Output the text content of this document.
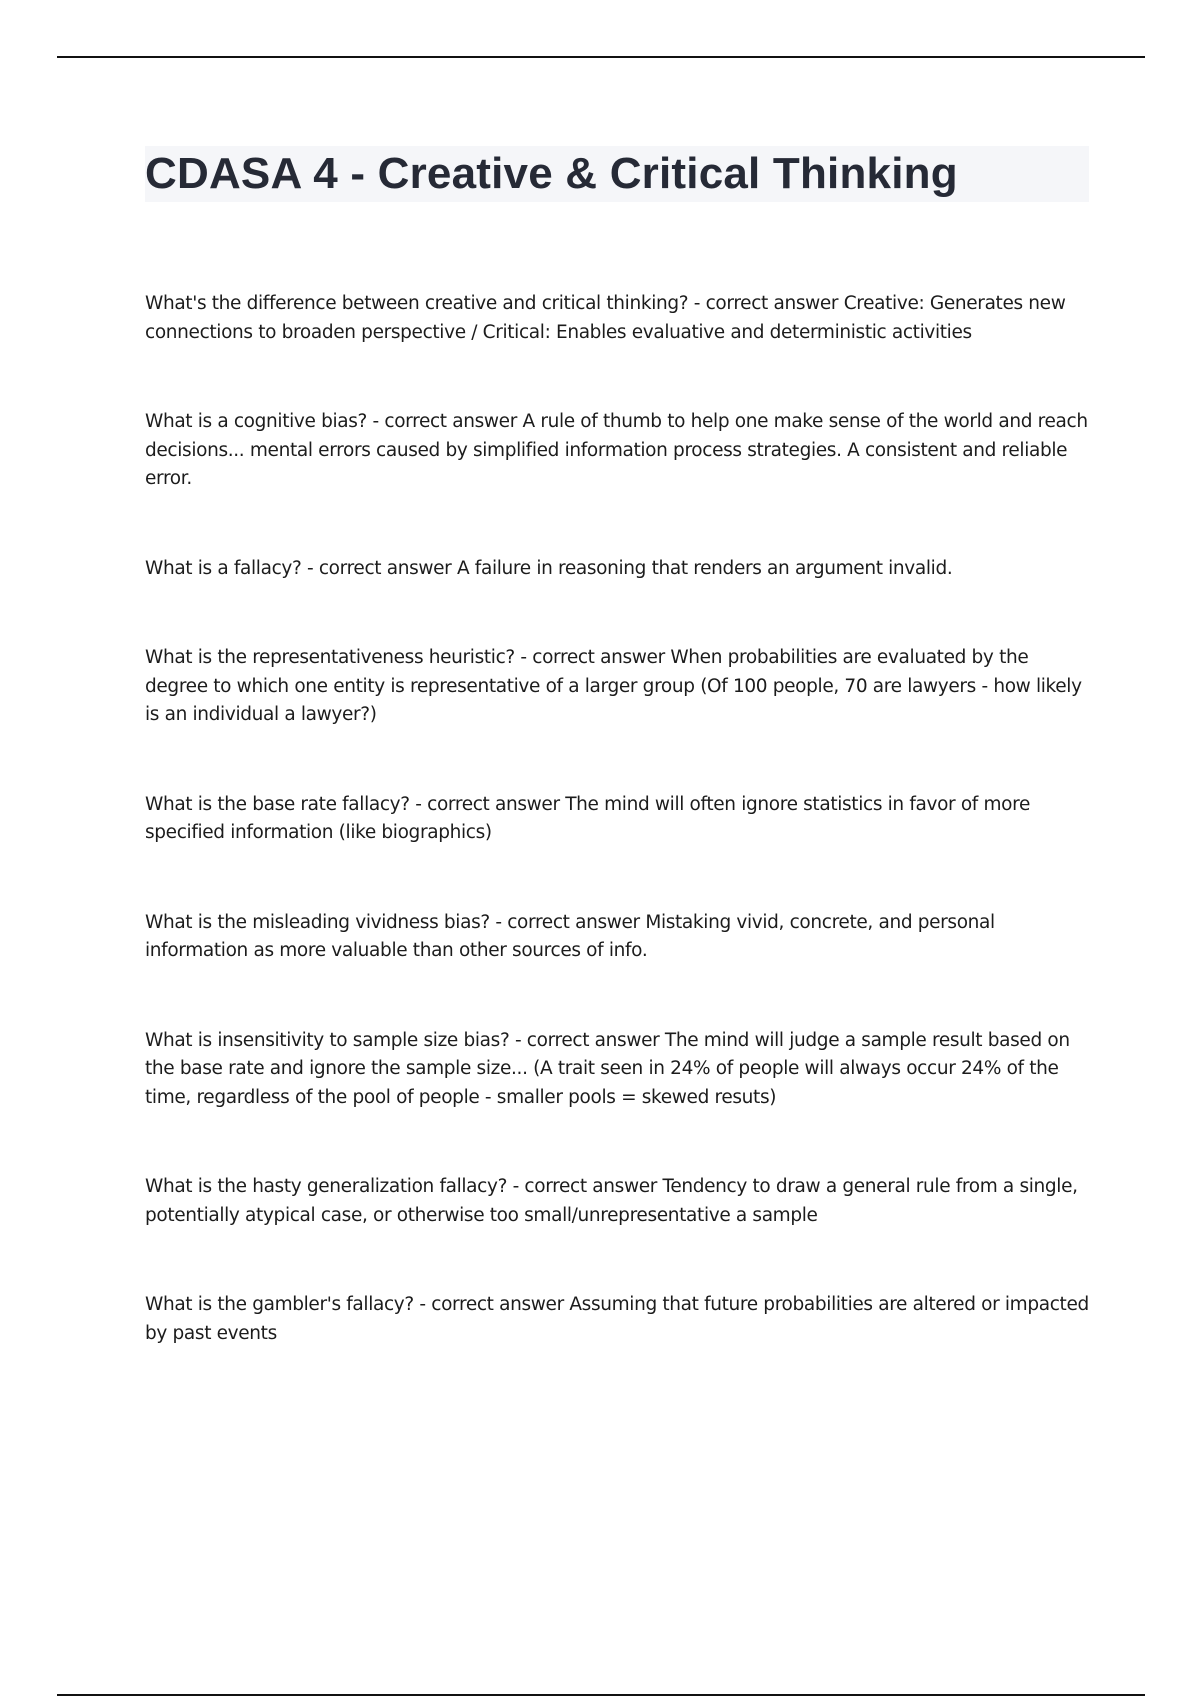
CDASA 4 - Creative & Critical Thinking
What's the difference between creative and critical thinking? - correct answer Creative: Generates new connections to broaden perspective / Critical: Enables evaluative and deterministic activities
What is a cognitive bias? - correct answer A rule of thumb to help one make sense of the world and reach decisions... mental errors caused by simplified information process strategies. A consistent and reliable error.
What is a fallacy? - correct answer A failure in reasoning that renders an argument invalid.
What is the representativeness heuristic? - correct answer When probabilities are evaluated by the degree to which one entity is representative of a larger group (Of 100 people, 70 are lawyers - how likely is an individual a lawyer?)
What is the base rate fallacy? - correct answer The mind will often ignore statistics in favor of more specified information (like biographics)
What is the misleading vividness bias? - correct answer Mistaking vivid, concrete, and personal information as more valuable than other sources of info.
What is insensitivity to sample size bias? - correct answer The mind will judge a sample result based on the base rate and ignore the sample size... (A trait seen in 24% of people will always occur 24% of the time, regardless of the pool of people - smaller pools = skewed resuts)
What is the hasty generalization fallacy? - correct answer Tendency to draw a general rule from a single, potentially atypical case, or otherwise too small/unrepresentative a sample
What is the gambler's fallacy? - correct answer Assuming that future probabilities are altered or impacted by past events
